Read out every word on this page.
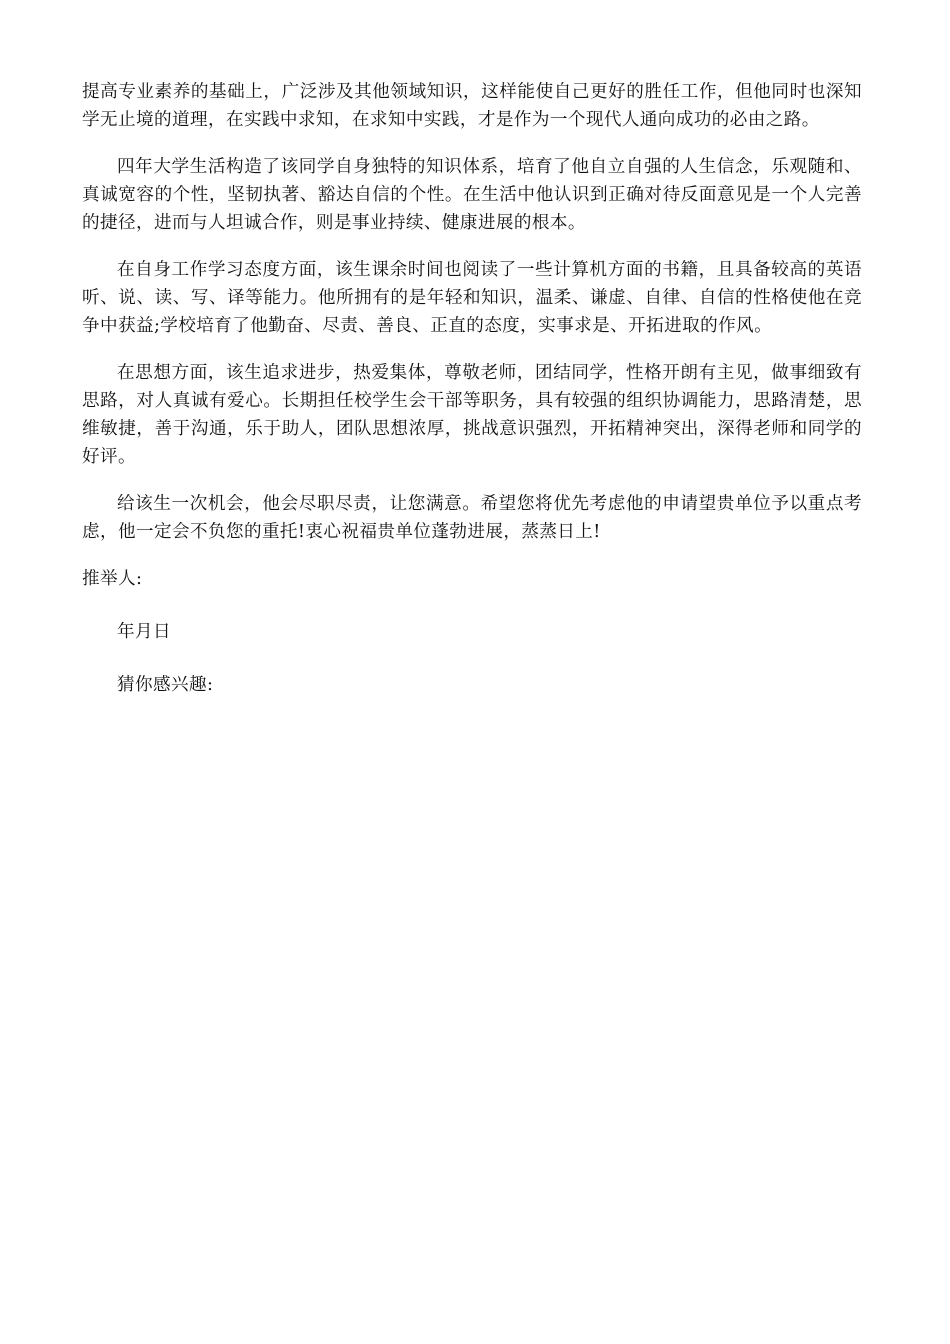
提高专业素养的基础上，广泛涉及其他领域知识，这样能使自己更好的胜任工作，但他同时也深知学无止境的道理，在实践中求知，在求知中实践，才是作为一个现代人通向成功的必由之路。

四年大学生活构造了该同学自身独特的知识体系，培育了他自立自强的人生信念，乐观随和、真诚宽容的个性，坚韧执著、豁达自信的个性。在生活中他认识到正确对待反面意见是一个人完善的捷径，进而与人坦诚合作，则是事业持续、健康进展的根本。

在自身工作学习态度方面，该生课余时间也阅读了一些计算机方面的书籍，且具备较高的英语听、说、读、写、译等能力。他所拥有的是年轻和知识，温柔、谦虚、自律、自信的性格使他在竞争中获益;学校培育了他勤奋、尽责、善良、正直的态度，实事求是、开拓进取的作风。

在思想方面，该生追求进步，热爱集体，尊敬老师，团结同学，性格开朗有主见，做事细致有思路，对人真诚有爱心。长期担任校学生会干部等职务，具有较强的组织协调能力，思路清楚，思维敏捷，善于沟通，乐于助人，团队思想浓厚，挑战意识强烈，开拓精神突出，深得老师和同学的好评。

给该生一次机会，他会尽职尽责，让您满意。希望您将优先考虑他的申请望贵单位予以重点考虑，他一定会不负您的重托!衷心祝福贵单位蓬勃进展，蒸蒸日上!

推举人:

年月日

猜你感兴趣:
